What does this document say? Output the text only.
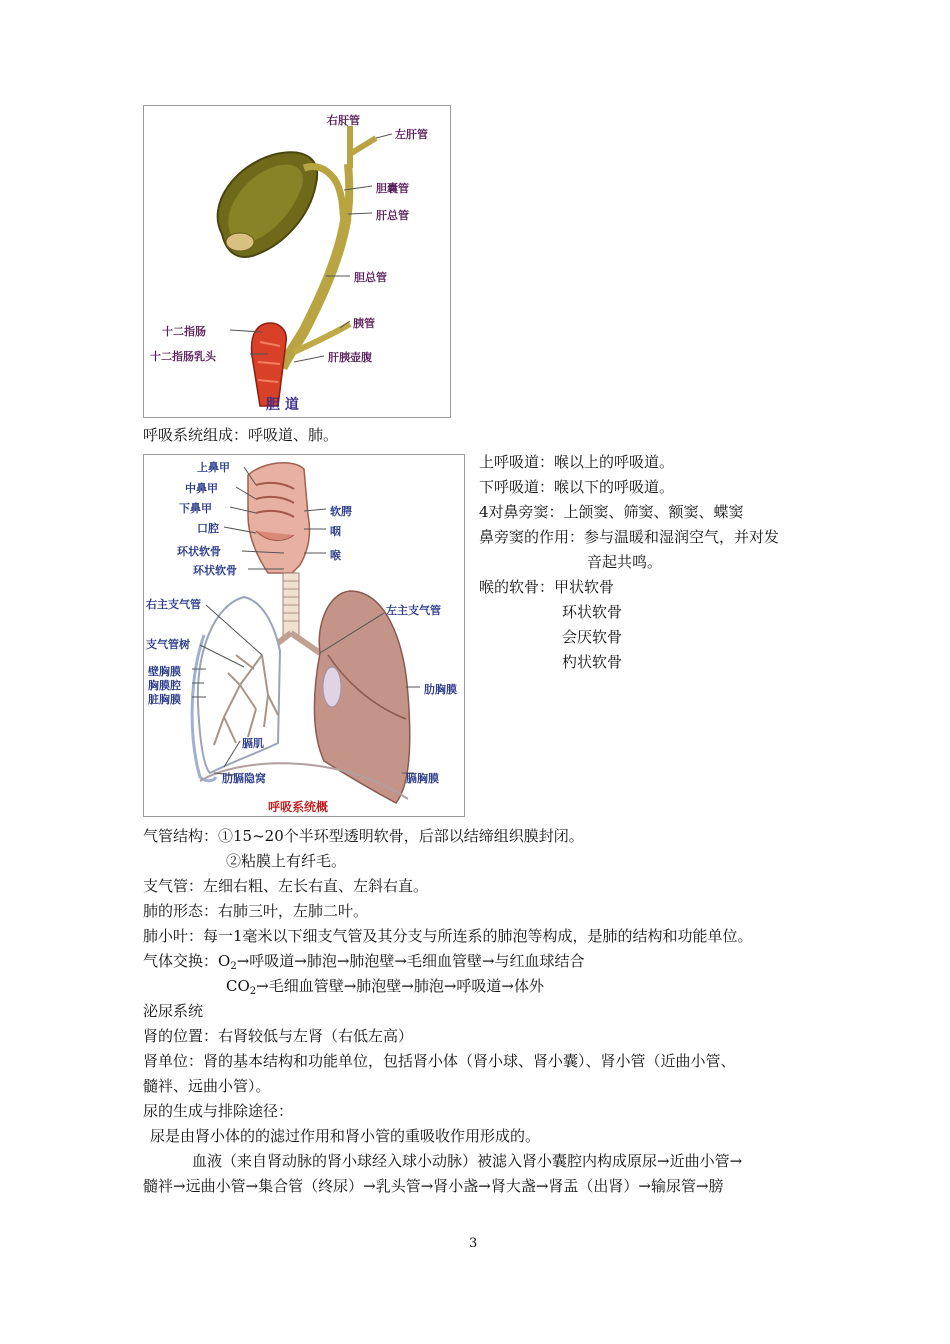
右肝管
左肝管
胆囊管
肝总管
胆总管
胰管
十二指肠
十二指肠乳头	肝胰壶腹
胆 道
呼吸系统组成：呼吸道、肺。
上鼻甲
中鼻甲
下鼻甲
口腔
环状软骨
环状软骨
软腭
咽
喉
右主支气管	左主支气管
支气管树
壁胸膜
胸膜腔
脏胸膜
肋胸膜
膈肌
肋膈隐窝	膈胸膜
呼吸系统概
上呼吸道：喉以上的呼吸道。
下呼吸道：喉以下的呼吸道。
4对鼻旁窦：上颌窦、筛窦、额窦、蝶窦
鼻旁窦的作用：参与温暖和湿润空气，并对发
音起共鸣。
喉的软骨：甲状软骨
环状软骨
会厌软骨
杓状软骨
气管结构：①15~20个半环型透明软骨，后部以结缔组织膜封闭。
②粘膜上有纤毛。
支气管：左细右粗、左长右直、左斜右直。
肺的形态：右肺三叶，左肺二叶。
肺小叶：每一1毫米以下细支气管及其分支与所连系的肺泡等构成，是肺的结构和功能单位。
气体交换：$O_2\to$呼吸道→肺泡→肺泡壁→毛细血管壁→与红血球结合
$CO_2\to$毛细血管壁→肺泡壁→肺泡→呼吸道→体外
泌尿系统
肾的位置：右肾较低与左肾（右低左高）
肾单位：肾的基本结构和功能单位，包括肾小体（肾小球、肾小囊）、肾小管（近曲小管、
髓袢、远曲小管）。
尿的生成与排除途径：
尿是由肾小体的的滤过作用和肾小管的重吸收作用形成的。
血液（来自肾动脉的肾小球经入球小动脉）被滤入肾小囊腔内构成原尿→近曲小管→
髓袢→远曲小管→集合管（终尿）→乳头管→肾小盏→肾大盏→肾盂（出肾）→输尿管→膀
3
